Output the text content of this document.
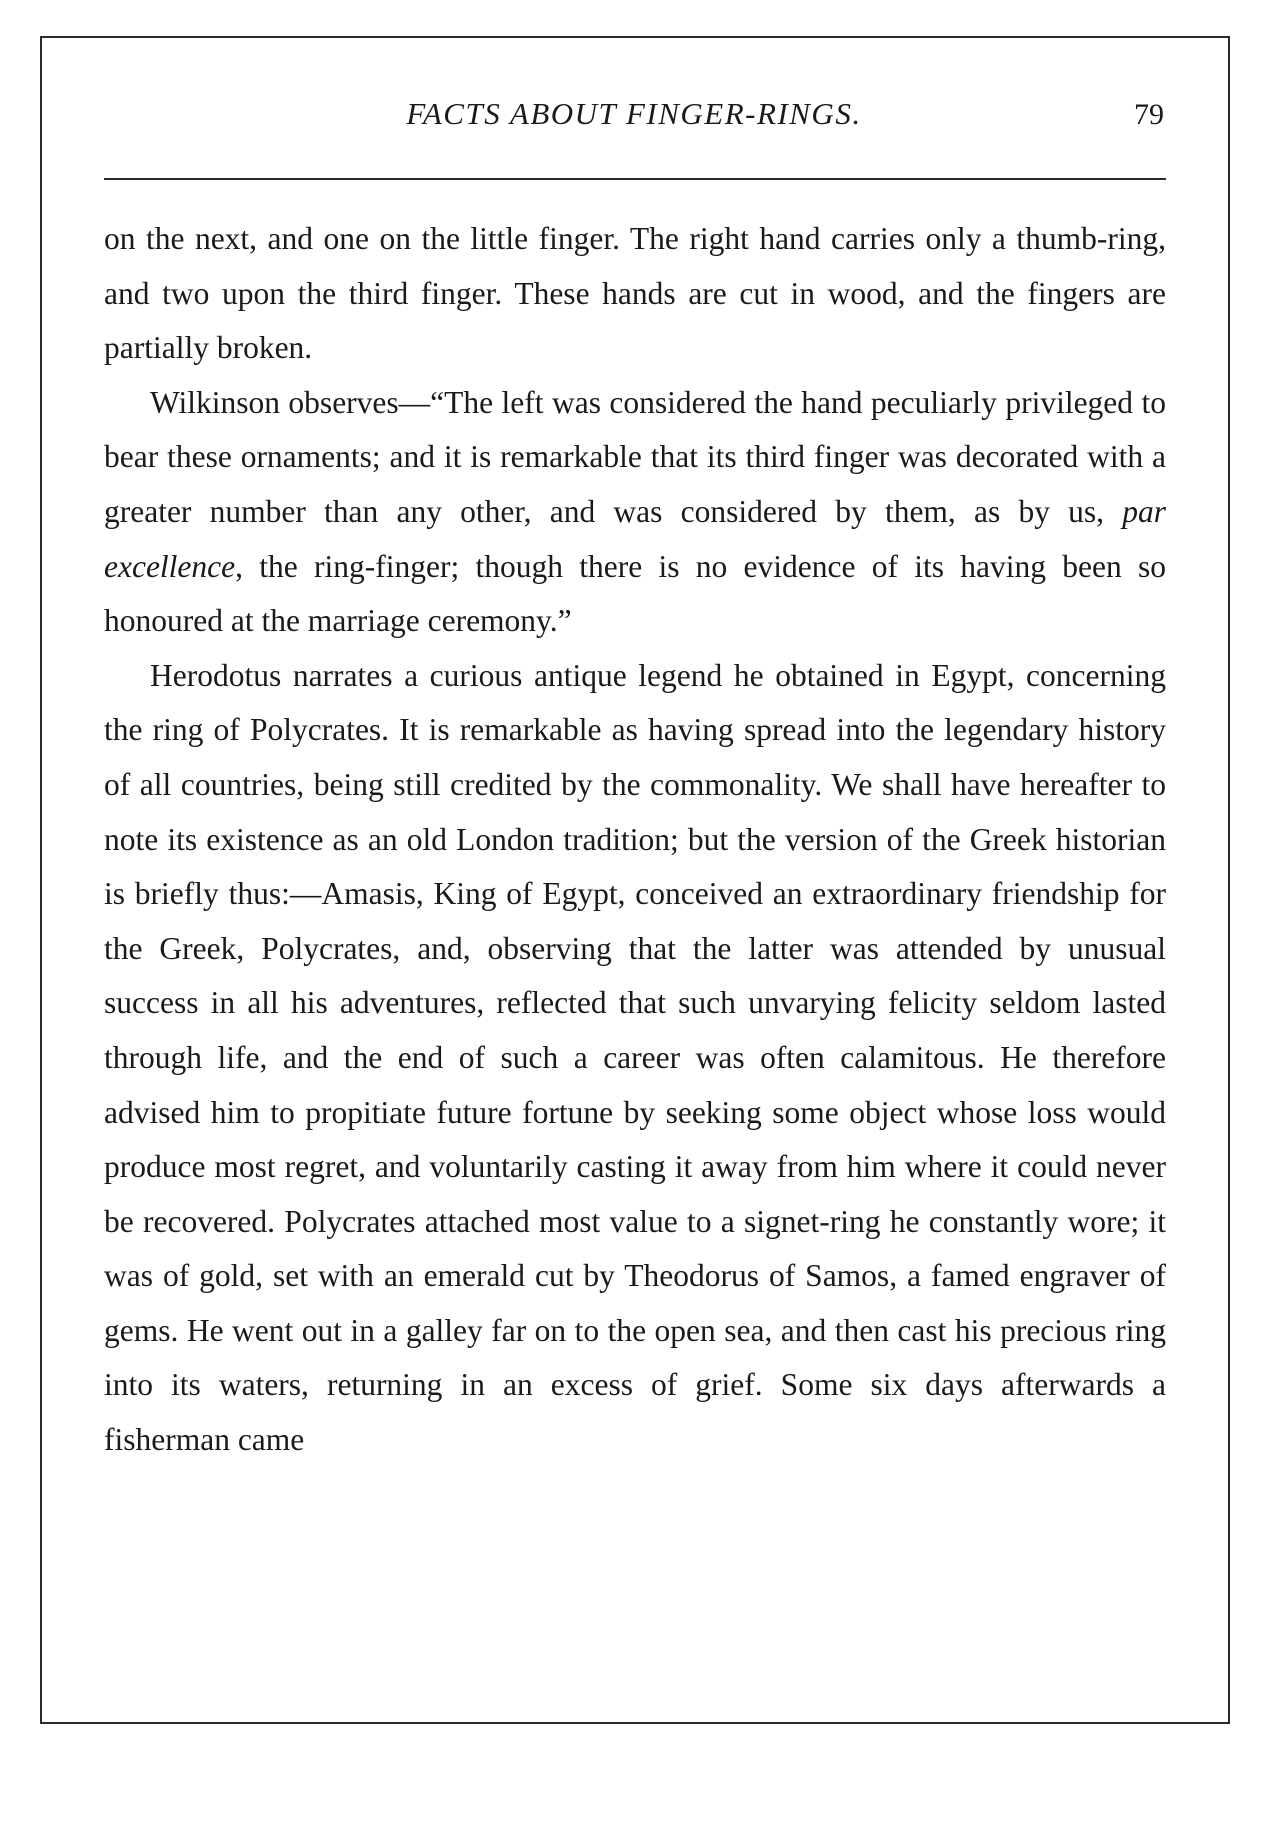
FACTS ABOUT FINGER-RINGS.	79

on the next, and one on the little finger. The right hand carries only a thumb-ring, and two upon the third finger. These hands are cut in wood, and the fingers are partially broken.

Wilkinson observes—“The left was considered the hand peculiarly privileged to bear these ornaments; and it is remarkable that its third finger was decorated with a greater number than any other, and was considered by them, as by us, par excellence, the ring-finger; though there is no evidence of its having been so honoured at the marriage ceremony.”

Herodotus narrates a curious antique legend he obtained in Egypt, concerning the ring of Polycrates. It is remarkable as having spread into the legendary history of all countries, being still credited by the commonality. We shall have hereafter to note its existence as an old London tradition; but the version of the Greek historian is briefly thus:—Amasis, King of Egypt, conceived an extraordinary friendship for the Greek, Polycrates, and, observing that the latter was attended by unusual success in all his adventures, reflected that such unvarying felicity seldom lasted through life, and the end of such a career was often calamitous. He therefore advised him to propitiate future fortune by seeking some object whose loss would produce most regret, and voluntarily casting it away from him where it could never be recovered. Polycrates attached most value to a signet-ring he constantly wore; it was of gold, set with an emerald cut by Theodorus of Samos, a famed engraver of gems. He went out in a galley far on to the open sea, and then cast his precious ring into its waters, returning in an excess of grief. Some six days afterwards a fisherman came
